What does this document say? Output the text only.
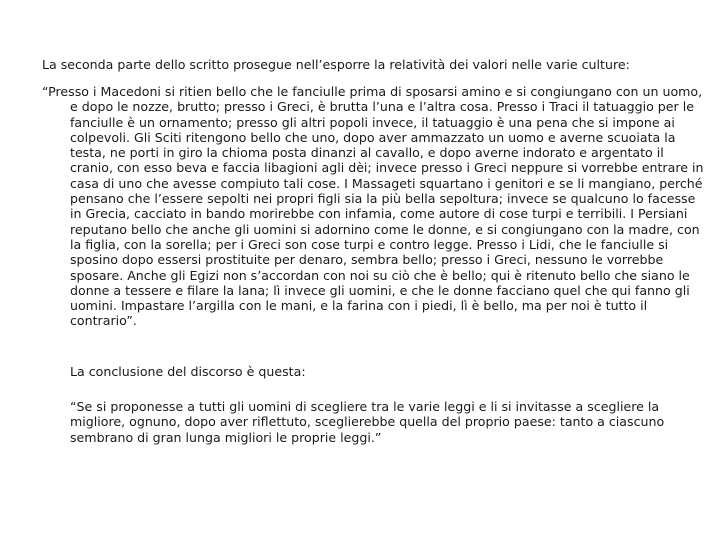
La seconda parte dello scritto prosegue nell’esporre la relatività dei valori nelle varie culture:

“Presso i Macedoni si ritien bello che le fanciulle prima di sposarsi amino e si congiungano con un uomo, e dopo le nozze, brutto; presso i Greci, è brutta l’una e l’altra cosa. Presso i Traci il tatuaggio per le fanciulle è un ornamento; presso gli altri popoli invece, il tatuaggio è una pena che si impone ai colpevoli. Gli Sciti ritengono bello che uno, dopo aver ammazzato un uomo e averne scuoiata la testa, ne porti in giro la chioma posta dinanzi al cavallo, e dopo averne indorato e argentato il cranio, con esso beva e faccia libagioni agli dèi; invece presso i Greci neppure si vorrebbe entrare in casa di uno che avesse compiuto tali cose. I Massageti squartano i genitori e se li mangiano, perché pensano che l’essere sepolti nei propri figli sia la più bella sepoltura; invece se qualcuno lo facesse in Grecia, cacciato in bando morirebbe con infamia, come autore di cose turpi e terribili. I Persiani reputano bello che anche gli uomini si adornino come le donne, e si congiungano con la madre, con la figlia, con la sorella; per i Greci son cose turpi e contro legge. Presso i Lidi, che le fanciulle si sposino dopo essersi prostituite per denaro, sembra bello; presso i Greci, nessuno le vorrebbe sposare. Anche gli Egizi non s’accordan con noi su ciò che è bello; qui è ritenuto bello che siano le donne a tessere e filare la lana; lì invece gli uomini, e che le donne facciano quel che qui fanno gli uomini. Impastare l’argilla con le mani, e la farina con i piedi, lì è bello, ma per noi è tutto il contrario”.

La conclusione del discorso è questa:

“Se si proponesse a tutti gli uomini di scegliere tra le varie leggi e li si invitasse a scegliere la migliore, ognuno, dopo aver riflettuto, sceglierebbe quella del proprio paese: tanto a ciascuno sembrano di gran lunga migliori le proprie leggi.”
